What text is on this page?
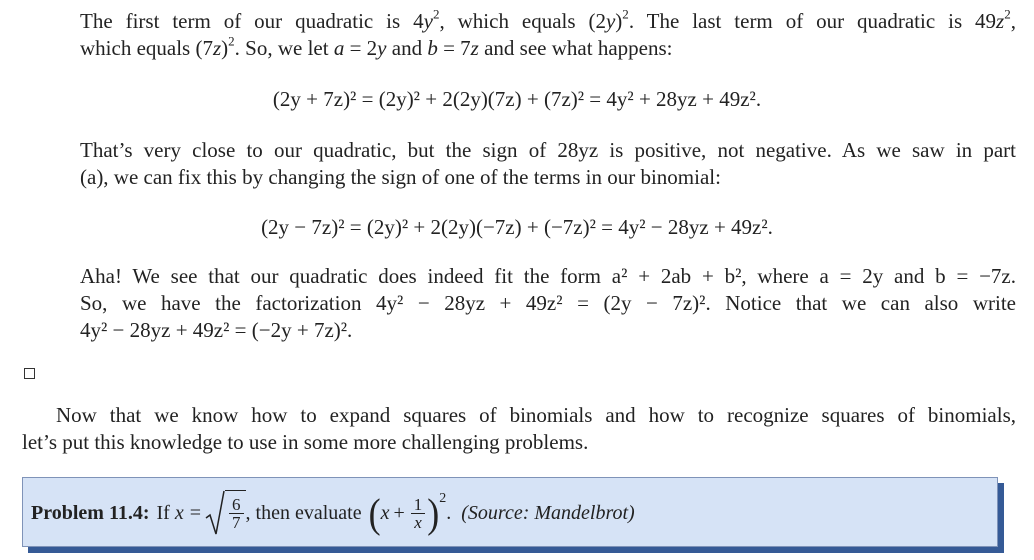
The first term of our quadratic is $4y^2$, which equals $(2y)^2$. The last term of our quadratic is $49z^2$,
which equals $(7z)^2$. So, we let a = 2y and b = 7z and see what happens:
(2y + 7z)² = (2y)² + 2(2y)(7z) + (7z)² = 4y² + 28yz + 49z².
That’s very close to our quadratic, but the sign of 28yz is positive, not negative. As we saw in part
(a), we can fix this by changing the sign of one of the terms in our binomial:
(2y − 7z)² = (2y)² + 2(2y)(−7z) + (−7z)² = 4y² − 28yz + 49z².
Aha! We see that our quadratic does indeed fit the form a² + 2ab + b², where a = 2y and b = −7z.
So, we have the factorization 4y² − 28yz + 49z² = (2y − 7z)². Notice that we can also write
4y² − 28yz + 49z² = (−2y + 7z)².
Now that we know how to expand squares of binomials and how to recognize squares of binomials,
let’s put this knowledge to use in some more challenging problems.
Problem 11.4: If $x = \frac{6}{7}$ , then evaluate ( $x + \frac{1}{x}$ ) 2
. (Source: Mandelbrot)
